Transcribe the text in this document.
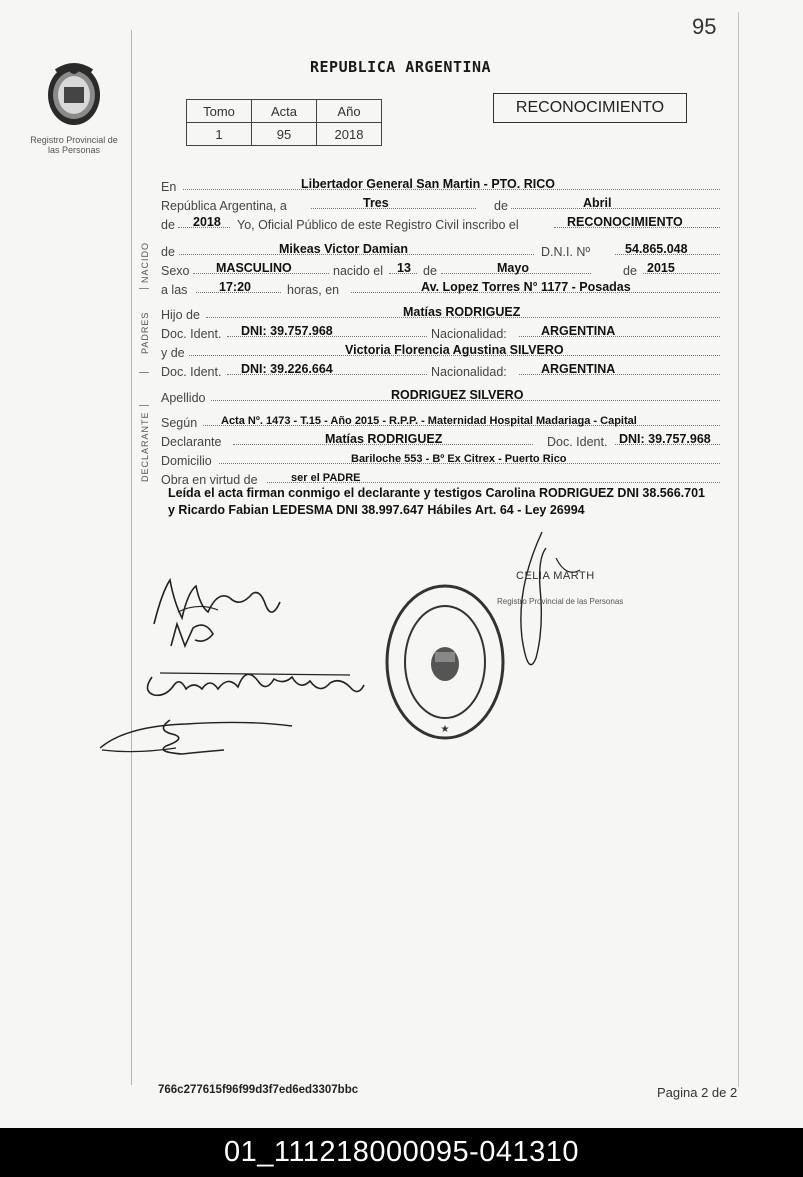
95
Registro Provincial de las Personas
REPUBLICA ARGENTINA
Tomo	Acta	Año
1	95	2018
RECONOCIMIENTO
En	Libertador General San Martin - PTO. RICO
República Argentina, a	Tres	de	Abril
de 2018 Yo, Oficial Público de este Registro Civil inscribo el	RECONOCIMIENTO
de	Mikeas Victor Damian	D.N.I. Nº	54.865.048
Sexo MASCULINO	nacido el 13 de	Mayo	de 2015
a las	17:20	horas, en	Av. Lopez Torres N° 1177 - Posadas
Hijo de	Matías RODRIGUEZ
Doc. Ident. DNI: 39.757.968	Nacionalidad:	ARGENTINA
y de	Victoria Florencia Agustina SILVERO
Doc. Ident. DNI: 39.226.664	Nacionalidad:	ARGENTINA
Apellido	RODRIGUEZ SILVERO
Según Acta Nº. 1473 - T.15 - Año 2015 - R.P.P. - Maternidad Hospital Madariaga - Capital
Declarante	Matías RODRIGUEZ	Doc. Ident. DNI: 39.757.968
Domicilio	Bariloche 553 - Bº Ex Citrex - Puerto Rico
Obra en virtud de	ser el PADRE
NACIDO
PADRES
DECLARANTE
Leída el acta firman conmigo el declarante y testigos Carolina RODRIGUEZ DNI 38.566.701 y Ricardo Fabian LEDESMA DNI 38.997.647 Hábiles Art. 64 - Ley 26994
★
CELIA MARTH
Registro Provincial de las Personas
766c277615f96f99d3f7ed6ed3307bbc	Pagina 2 de 2
01_111218000095-041310
